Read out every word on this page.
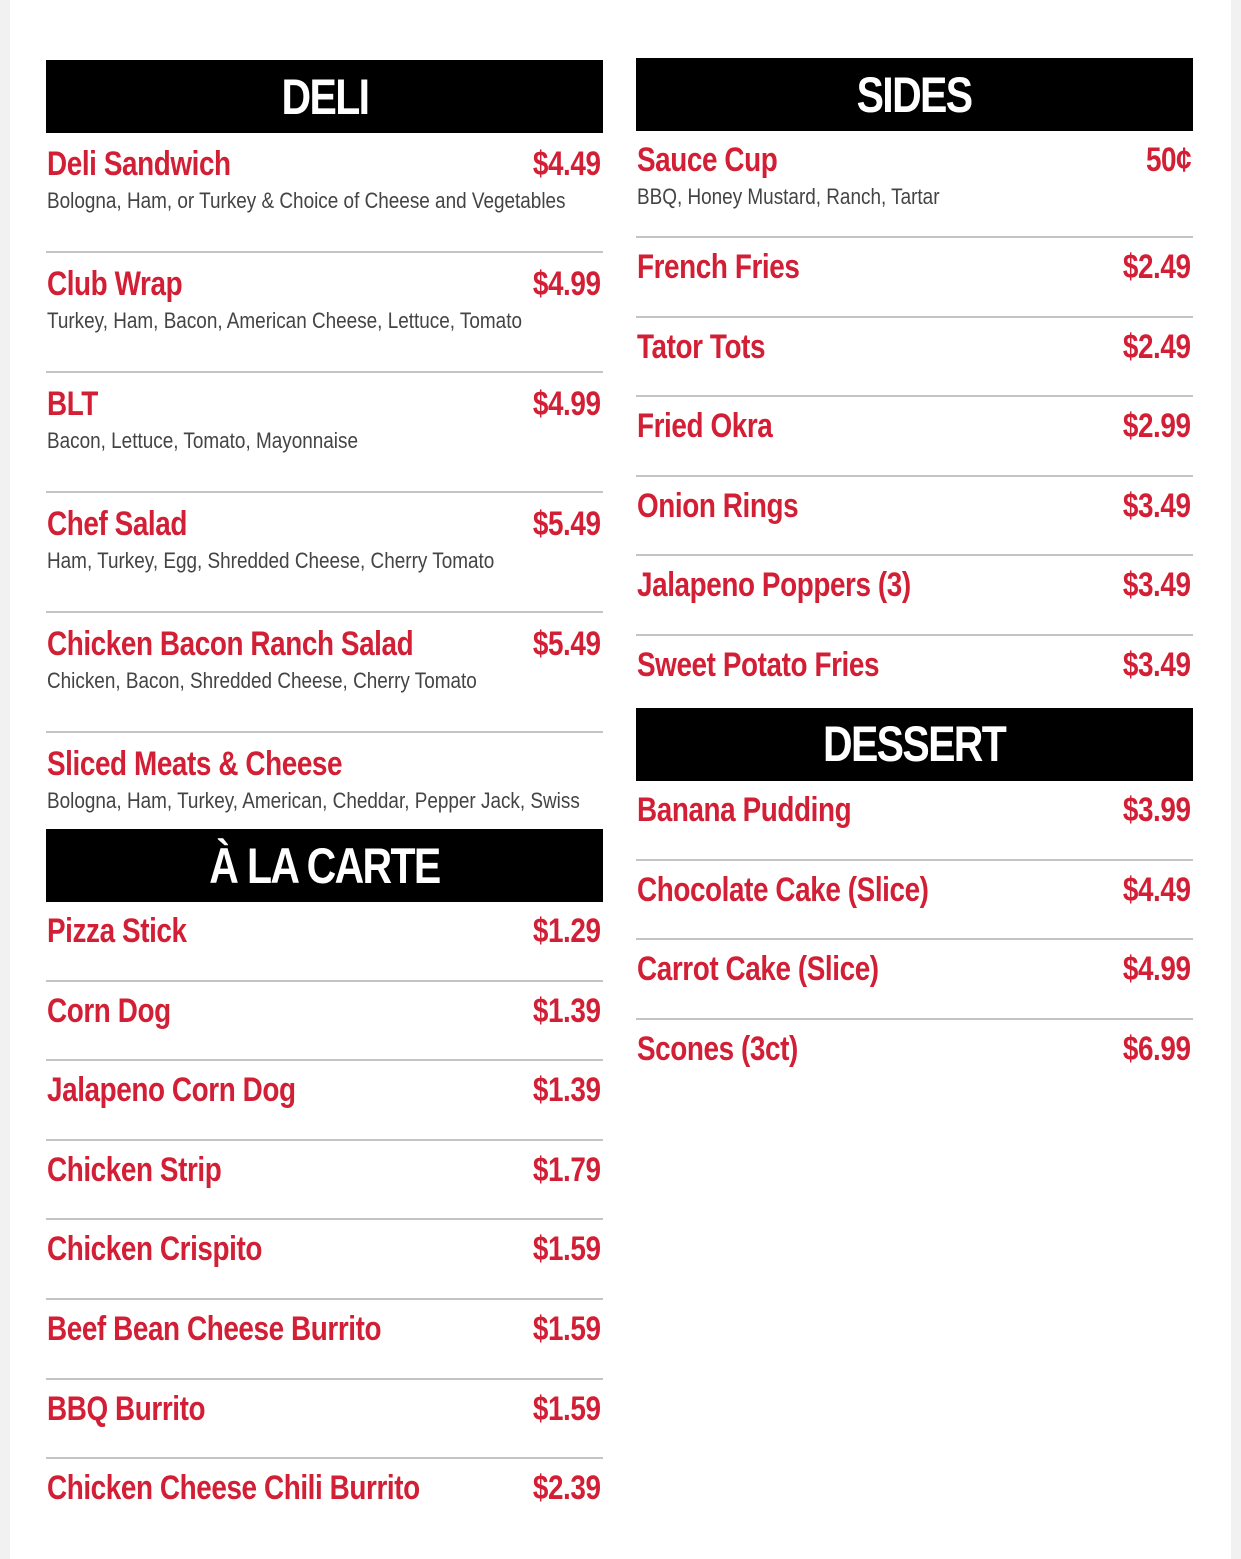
DELI
Deli Sandwich	$4.49
Bologna, Ham, or Turkey & Choice of Cheese and Vegetables
Club Wrap	$4.99
Turkey, Ham, Bacon, American Cheese, Lettuce, Tomato
BLT	$4.99
Bacon, Lettuce, Tomato, Mayonnaise
Chef Salad	$5.49
Ham, Turkey, Egg, Shredded Cheese, Cherry Tomato
Chicken Bacon Ranch Salad	$5.49
Chicken, Bacon, Shredded Cheese, Cherry Tomato
Sliced Meats & Cheese
Bologna, Ham, Turkey, American, Cheddar, Pepper Jack, Swiss
À LA CARTE
Pizza Stick	$1.29
Corn Dog	$1.39
Jalapeno Corn Dog	$1.39
Chicken Strip	$1.79
Chicken Crispito	$1.59
Beef Bean Cheese Burrito	$1.59
BBQ Burrito	$1.59
Chicken Cheese Chili Burrito	$2.39
SIDES
Sauce Cup	50¢
BBQ, Honey Mustard, Ranch, Tartar
French Fries	$2.49
Tator Tots	$2.49
Fried Okra	$2.99
Onion Rings	$3.49
Jalapeno Poppers (3)	$3.49
Sweet Potato Fries	$3.49
DESSERT
Banana Pudding	$3.99
Chocolate Cake (Slice)	$4.49
Carrot Cake (Slice)	$4.99
Scones (3ct)	$6.99
